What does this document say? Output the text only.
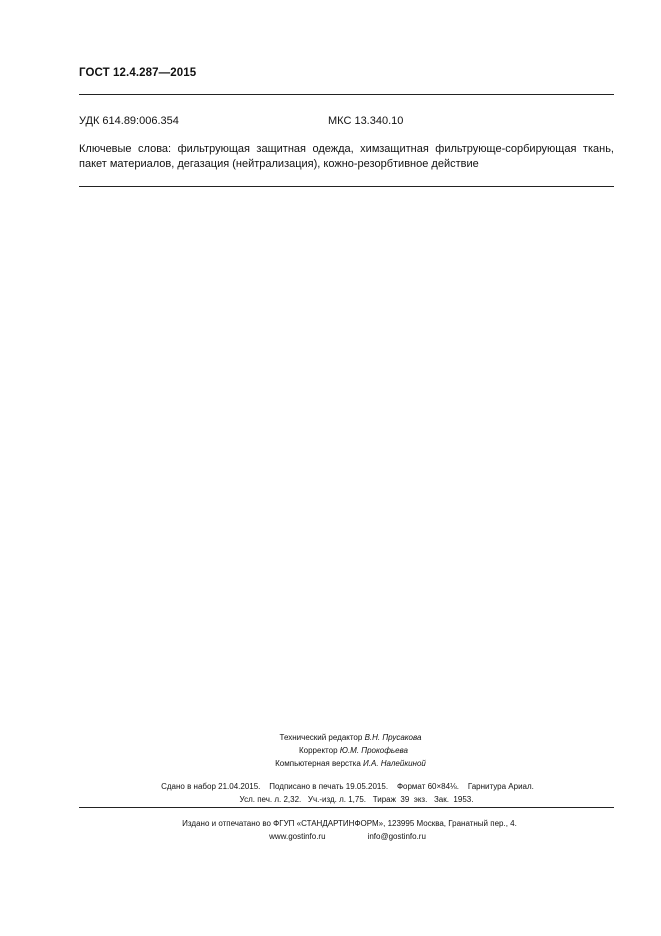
ГОСТ 12.4.287—2015
УДК 614.89:006.354	МКС 13.340.10
Ключевые слова: фильтрующая защитная одежда, химзащитная фильтрующе-сорбирующая ткань,
пакет материалов, дегазация (нейтрализация), кожно-резорбтивное действие
Технический редактор В.Н. Прусакова
Корректор Ю.М. Прокофьева
Компьютерная верстка И.А. Налейкиной
Сдано в набор 21.04.2015.    Подписано в печать 19.05.2015.    Формат 60×84⅛.    Гарнитура Ариал.
Усл. печ. л. 2,32.   Уч.-изд. л. 1,75.   Тираж  39  экз.   Зак.  1953.
Издано и отпечатано во ФГУП «СТАНДАРТИНФОРМ», 123995 Москва, Гранатный пер., 4.
www.gostinfo.ru	info@gostinfo.ru
